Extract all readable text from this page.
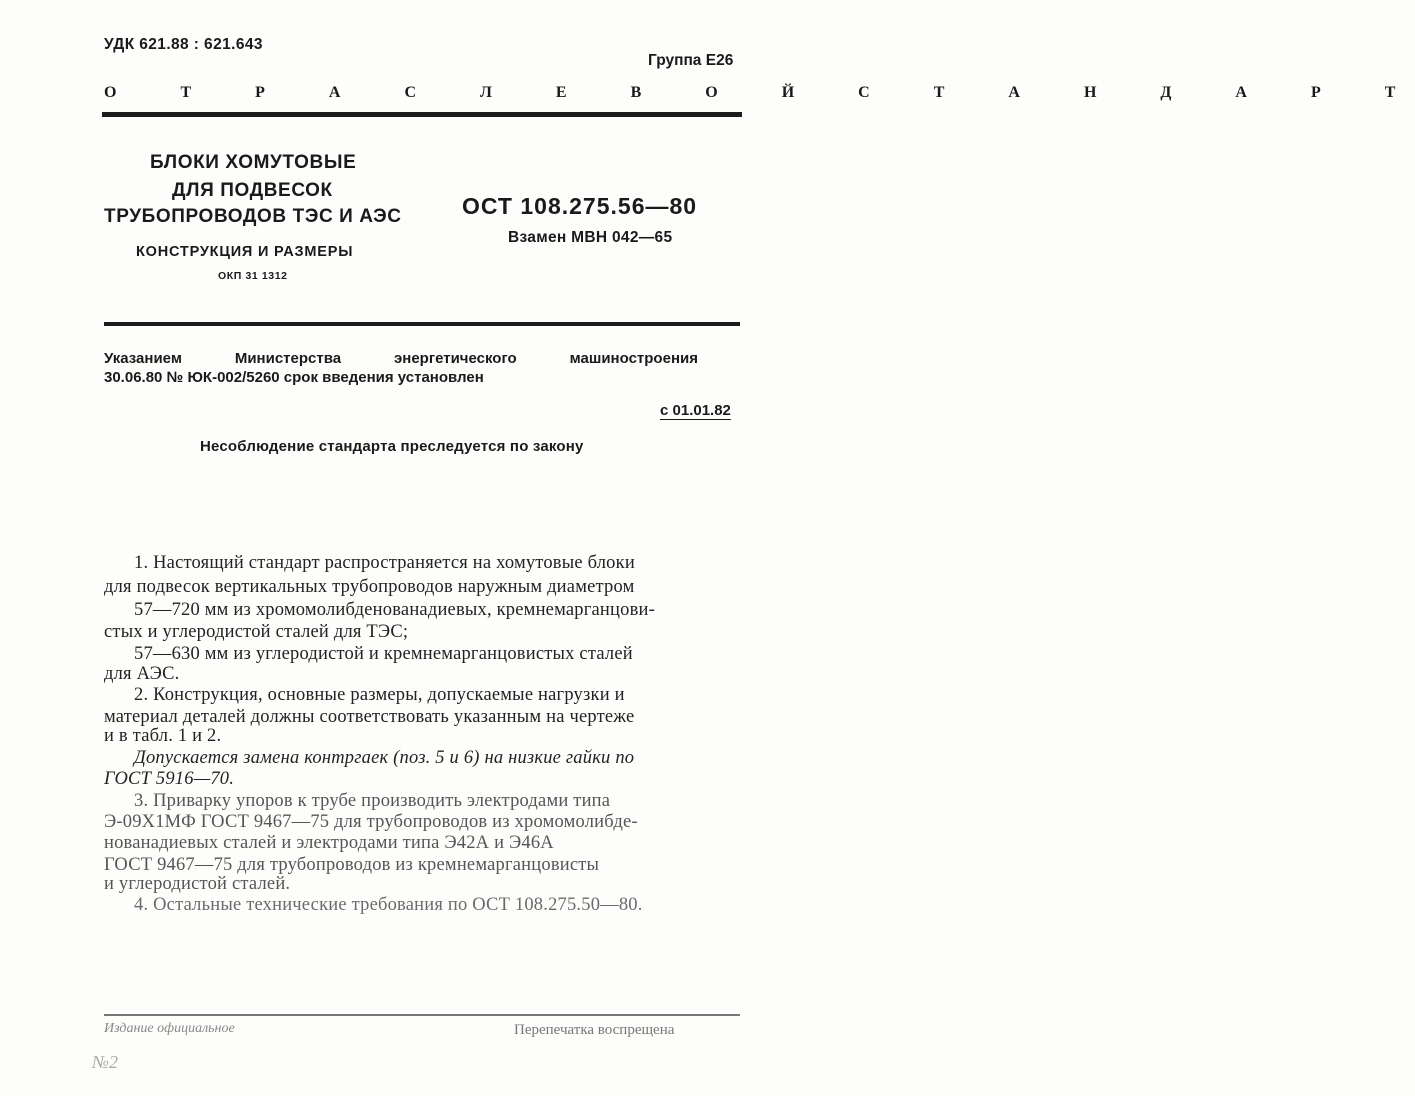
УДК 621.88 : 621.643
Группа Е26
О Т Р А С Л Е В О Й С Т А Н Д А Р Т
БЛОКИ ХОМУТОВЫЕ
ДЛЯ ПОДВЕСОК
ТРУБОПРОВОДОВ ТЭС И АЭС
КОНСТРУКЦИЯ И РАЗМЕРЫ
ОКП 31 1312
ОСТ 108.275.56—80
Взамен МВН 042—65
Указанием	Министерства	энергетического	машиностроения
30.06.80 № ЮК-002/5260 срок введения установлен
с 01.01.82
Несоблюдение стандарта преследуется по закону
1. Настоящий стандарт распространяется на хомутовые блоки
для подвесок вертикальных трубопроводов наружным диаметром
57—720 мм из хромомолибденованадиевых, кремнемарганцови-
стых и углеродистой сталей для ТЭС;
57—630 мм из углеродистой и кремнемарганцовистых сталей
для АЭС.
2. Конструкция, основные размеры, допускаемые нагрузки и
материал деталей должны соответствовать указанным на чертеже
и в табл. 1 и 2.
Допускается замена контргаек (поз. 5 и 6) на низкие гайки по
ГОСТ 5916—70.
3. Приварку упоров к трубе производить электродами типа
Э-09Х1МФ ГОСТ 9467—75 для трубопроводов из хромомолибде-
нованадиевых сталей и электродами типа Э42А и Э46А
ГОСТ 9467—75 для трубопроводов из кремнемарганцовисты
и углеродистой сталей.
4. Остальные технические требования по ОСТ 108.275.50—80.
Издание официальное	Перепечатка воспрещена
№2
